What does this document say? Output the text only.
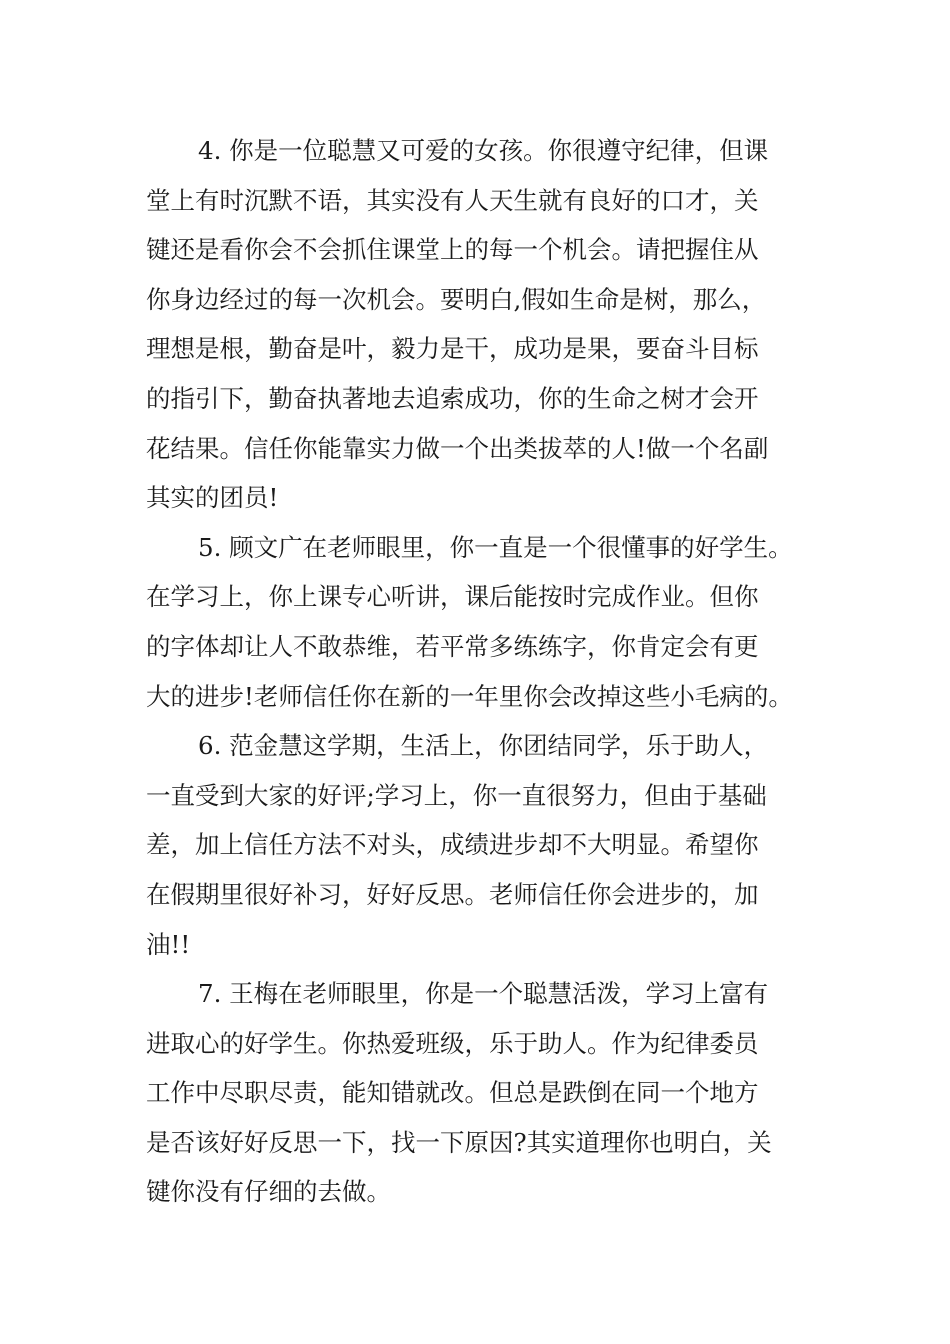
4. 你是一位聪慧又可爱的女孩。你很遵守纪律，但课
堂上有时沉默不语，其实没有人天生就有良好的口才，关
键还是看你会不会抓住课堂上的每一个机会。请把握住从
你身边经过的每一次机会。要明白,假如生命是树，那么，
理想是根，勤奋是叶，毅力是干，成功是果，要奋斗目标
的指引下，勤奋执著地去追索成功，你的生命之树才会开
花结果。信任你能靠实力做一个出类拔萃的人!做一个名副
其实的团员!
5. 顾文广在老师眼里，你一直是一个很懂事的好学生。
在学习上，你上课专心听讲，课后能按时完成作业。但你
的字体却让人不敢恭维，若平常多练练字，你肯定会有更
大的进步!老师信任你在新的一年里你会改掉这些小毛病的。
6. 范金慧这学期，生活上，你团结同学，乐于助人，
一直受到大家的好评;学习上，你一直很努力，但由于基础
差，加上信任方法不对头，成绩进步却不大明显。希望你
在假期里很好补习，好好反思。老师信任你会进步的，加
油!!
7. 王梅在老师眼里，你是一个聪慧活泼，学习上富有
进取心的好学生。你热爱班级，乐于助人。作为纪律委员
工作中尽职尽责，能知错就改。但总是跌倒在同一个地方
是否该好好反思一下，找一下原因?其实道理你也明白，关
键你没有仔细的去做。
